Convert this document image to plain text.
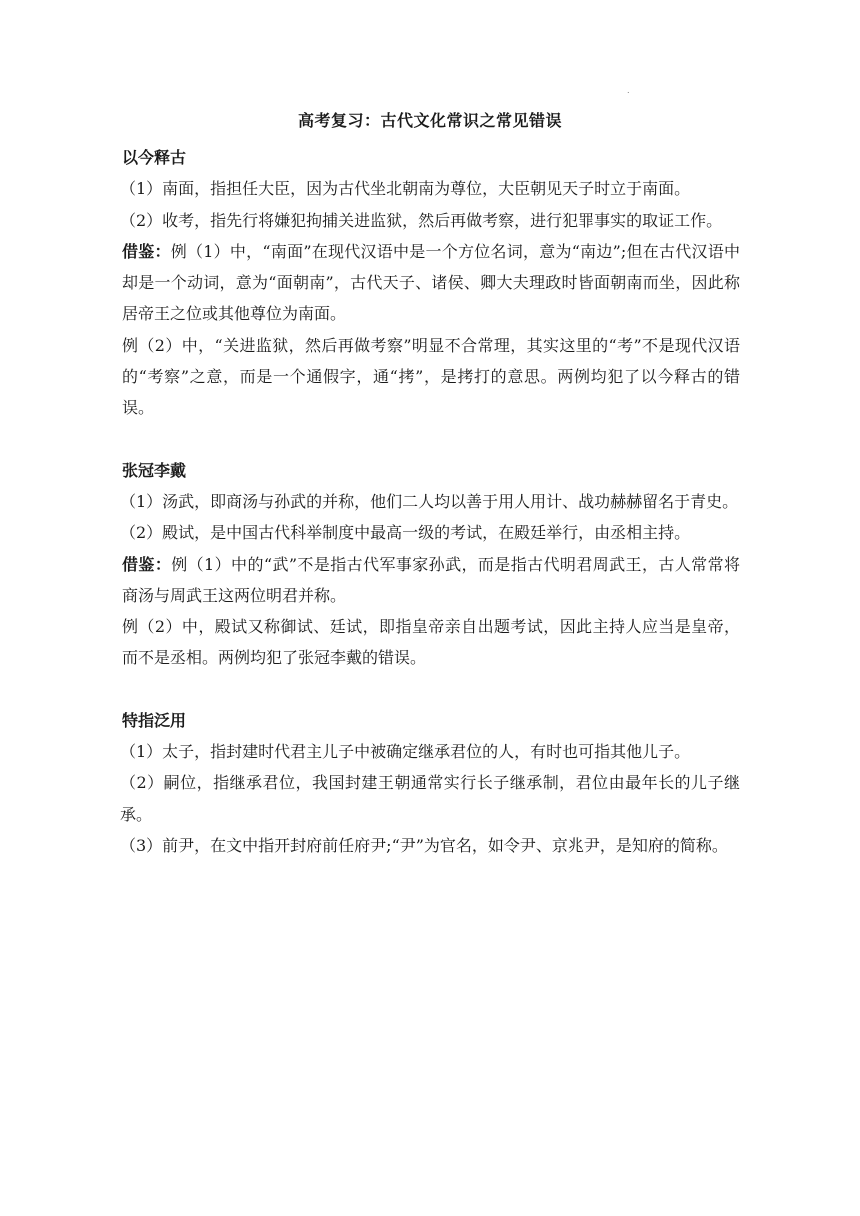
.
高考复习：古代文化常识之常见错误
以今释古

（1）南面，指担任大臣，因为古代坐北朝南为尊位，大臣朝见天子时立于南面。

（2）收考，指先行将嫌犯拘捕关进监狱，然后再做考察，进行犯罪事实的取证工作。

借鉴：例（1）中，“南面”在现代汉语中是一个方位名词，意为“南边”;但在古代汉语中却是一个动词，意为“面朝南”，古代天子、诸侯、卿大夫理政时皆面朝南而坐，因此称居帝王之位或其他尊位为南面。

例（2）中，“关进监狱，然后再做考察”明显不合常理，其实这里的“考”不是现代汉语的“考察”之意，而是一个通假字，通“拷”，是拷打的意思。两例均犯了以今释古的错误。

张冠李戴

（1）汤武，即商汤与孙武的并称，他们二人均以善于用人用计、战功赫赫留名于青史。

（2）殿试，是中国古代科举制度中最高一级的考试，在殿廷举行，由丞相主持。

借鉴：例（1）中的“武”不是指古代军事家孙武，而是指古代明君周武王，古人常常将商汤与周武王这两位明君并称。

例（2）中，殿试又称御试、廷试，即指皇帝亲自出题考试，因此主持人应当是皇帝，而不是丞相。两例均犯了张冠李戴的错误。

特指泛用

（1）太子，指封建时代君主儿子中被确定继承君位的人，有时也可指其他儿子。

（2）嗣位，指继承君位，我国封建王朝通常实行长子继承制，君位由最年长的儿子继承。

（3）前尹，在文中指开封府前任府尹;“尹”为官名，如令尹、京兆尹，是知府的简称。
